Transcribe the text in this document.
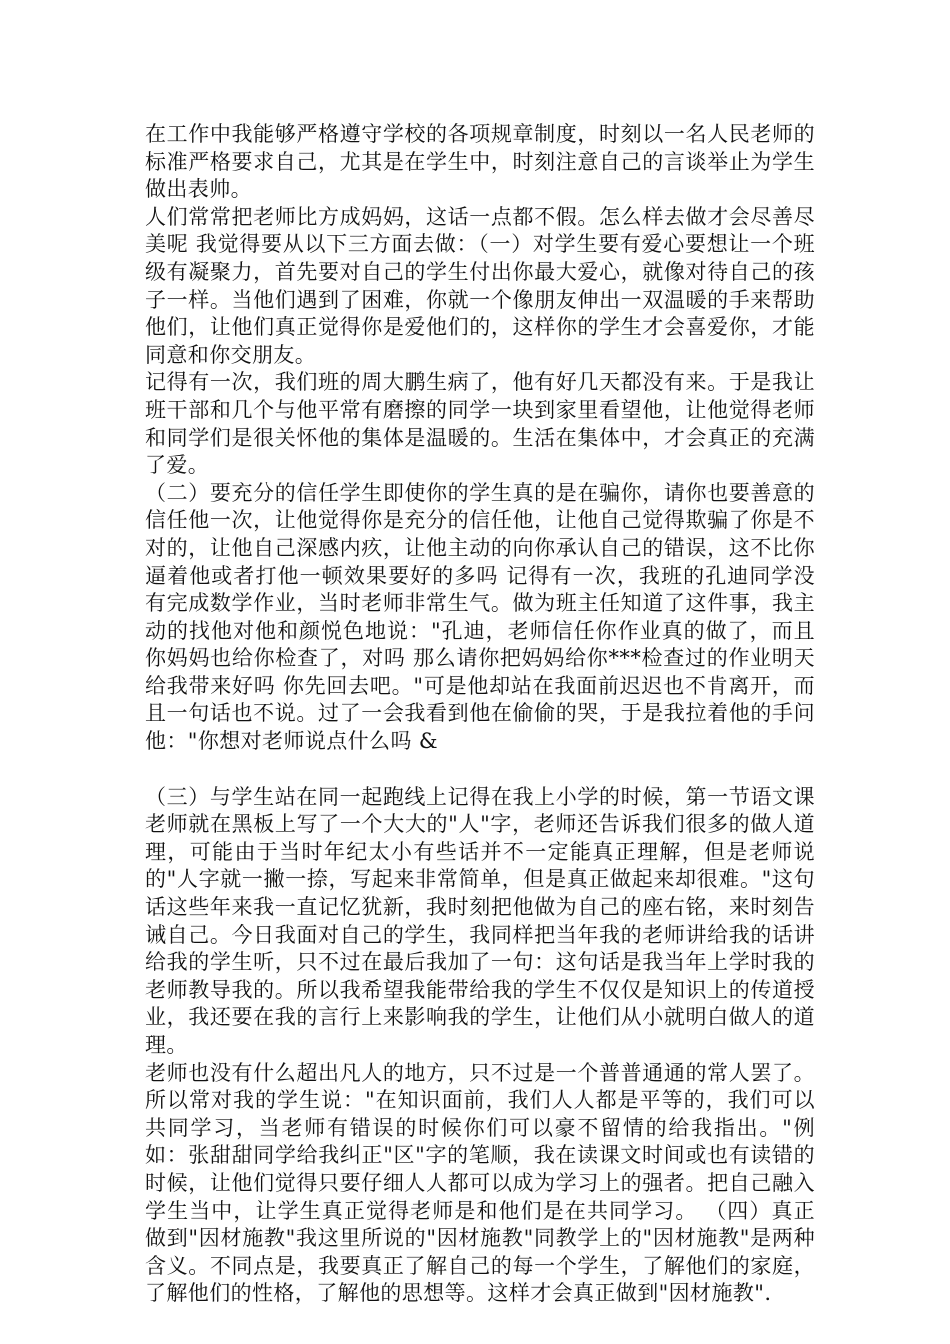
在工作中我能够严格遵守学校的各项规章制度，时刻以一名人民老师的标准严格要求自己，尤其是在学生中，时刻注意自己的言谈举止为学生做出表帅。

人们常常把老师比方成妈妈，这话一点都不假。怎么样去做才会尽善尽美呢 我觉得要从以下三方面去做：（一）对学生要有爱心要想让一个班级有凝聚力，首先要对自己的学生付出你最大爱心，就像对待自己的孩子一样。当他们遇到了困难，你就一个像朋友伸出一双温暖的手来帮助他们，让他们真正觉得你是爱他们的，这样你的学生才会喜爱你，才能同意和你交朋友。

记得有一次，我们班的周大鹏生病了，他有好几天都没有来。于是我让班干部和几个与他平常有磨擦的同学一块到家里看望他，让他觉得老师和同学们是很关怀他的集体是温暖的。生活在集体中，才会真正的充满了爱。

（二）要充分的信任学生即使你的学生真的是在骗你，请你也要善意的信任他一次，让他觉得你是充分的信任他，让他自己觉得欺骗了你是不对的，让他自己深感内疚，让他主动的向你承认自己的错误，这不比你逼着他或者打他一顿效果要好的多吗 记得有一次，我班的孔迪同学没有完成数学作业，当时老师非常生气。做为班主任知道了这件事，我主动的找他对他和颜悦色地说："孔迪，老师信任你作业真的做了，而且你妈妈也给你检查了，对吗 那么请你把妈妈给你***检查过的作业明天给我带来好吗 你先回去吧。"可是他却站在我面前迟迟也不肯离开，而且一句话也不说。过了一会我看到他在偷偷的哭，于是我拉着他的手问他："你想对老师说点什么吗 &

（三）与学生站在同一起跑线上记得在我上小学的时候，第一节语文课老师就在黑板上写了一个大大的"人"字，老师还告诉我们很多的做人道理，可能由于当时年纪太小有些话并不一定能真正理解，但是老师说的"人字就一撇一捺，写起来非常简单，但是真正做起来却很难。"这句话这些年来我一直记忆犹新，我时刻把他做为自己的座右铭，来时刻告诫自己。今日我面对自己的学生，我同样把当年我的老师讲给我的话讲给我的学生听，只不过在最后我加了一句：这句话是我当年上学时我的老师教导我的。所以我希望我能带给我的学生不仅仅是知识上的传道授业，我还要在我的言行上来影响我的学生，让他们从小就明白做人的道理。

老师也没有什么超出凡人的地方，只不过是一个普普通通的常人罢了。所以常对我的学生说："在知识面前，我们人人都是平等的，我们可以共同学习，当老师有错误的时候你们可以豪不留情的给我指出。"例如：张甜甜同学给我纠正"区"字的笔顺，我在读课文时间或也有读错的时候，让他们觉得只要仔细人人都可以成为学习上的强者。把自己融入学生当中，让学生真正觉得老师是和他们是在共同学习。 （四）真正做到"因材施教"我这里所说的"因材施教"同教学上的"因材施教"是两种含义。不同点是，我要真正了解自己的每一个学生，了解他们的家庭，了解他们的性格，了解他的思想等。这样才会真正做到"因材施教".
